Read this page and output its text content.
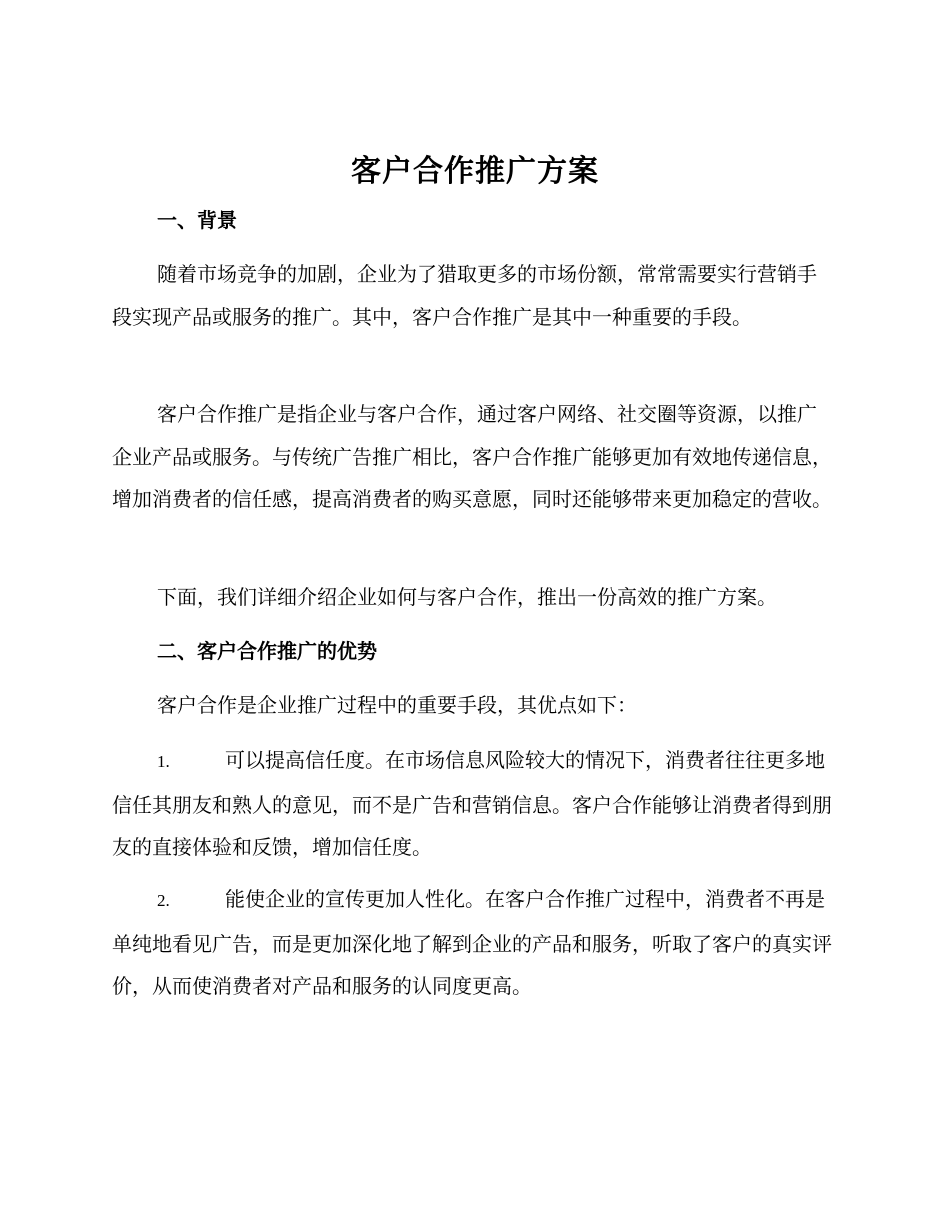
客户合作推广方案
一、背景

随着市场竞争的加剧，企业为了猎取更多的市场份额，常常需要实行营销手段实现产品或服务的推广。其中，客户合作推广是其中一种重要的手段。

客户合作推广是指企业与客户合作，通过客户网络、社交圈等资源，以推广企业产品或服务。与传统广告推广相比，客户合作推广能够更加有效地传递信息，增加消费者的信任感，提高消费者的购买意愿，同时还能够带来更加稳定的营收。

下面，我们详细介绍企业如何与客户合作，推出一份高效的推广方案。

二、客户合作推广的优势

客户合作是企业推广过程中的重要手段，其优点如下：

1.	可以提高信任度。在市场信息风险较大的情况下，消费者往往更多地信任其朋友和熟人的意见，而不是广告和营销信息。客户合作能够让消费者得到朋友的直接体验和反馈，增加信任度。

2.	能使企业的宣传更加人性化。在客户合作推广过程中，消费者不再是单纯地看见广告，而是更加深化地了解到企业的产品和服务，听取了客户的真实评价，从而使消费者对产品和服务的认同度更高。
